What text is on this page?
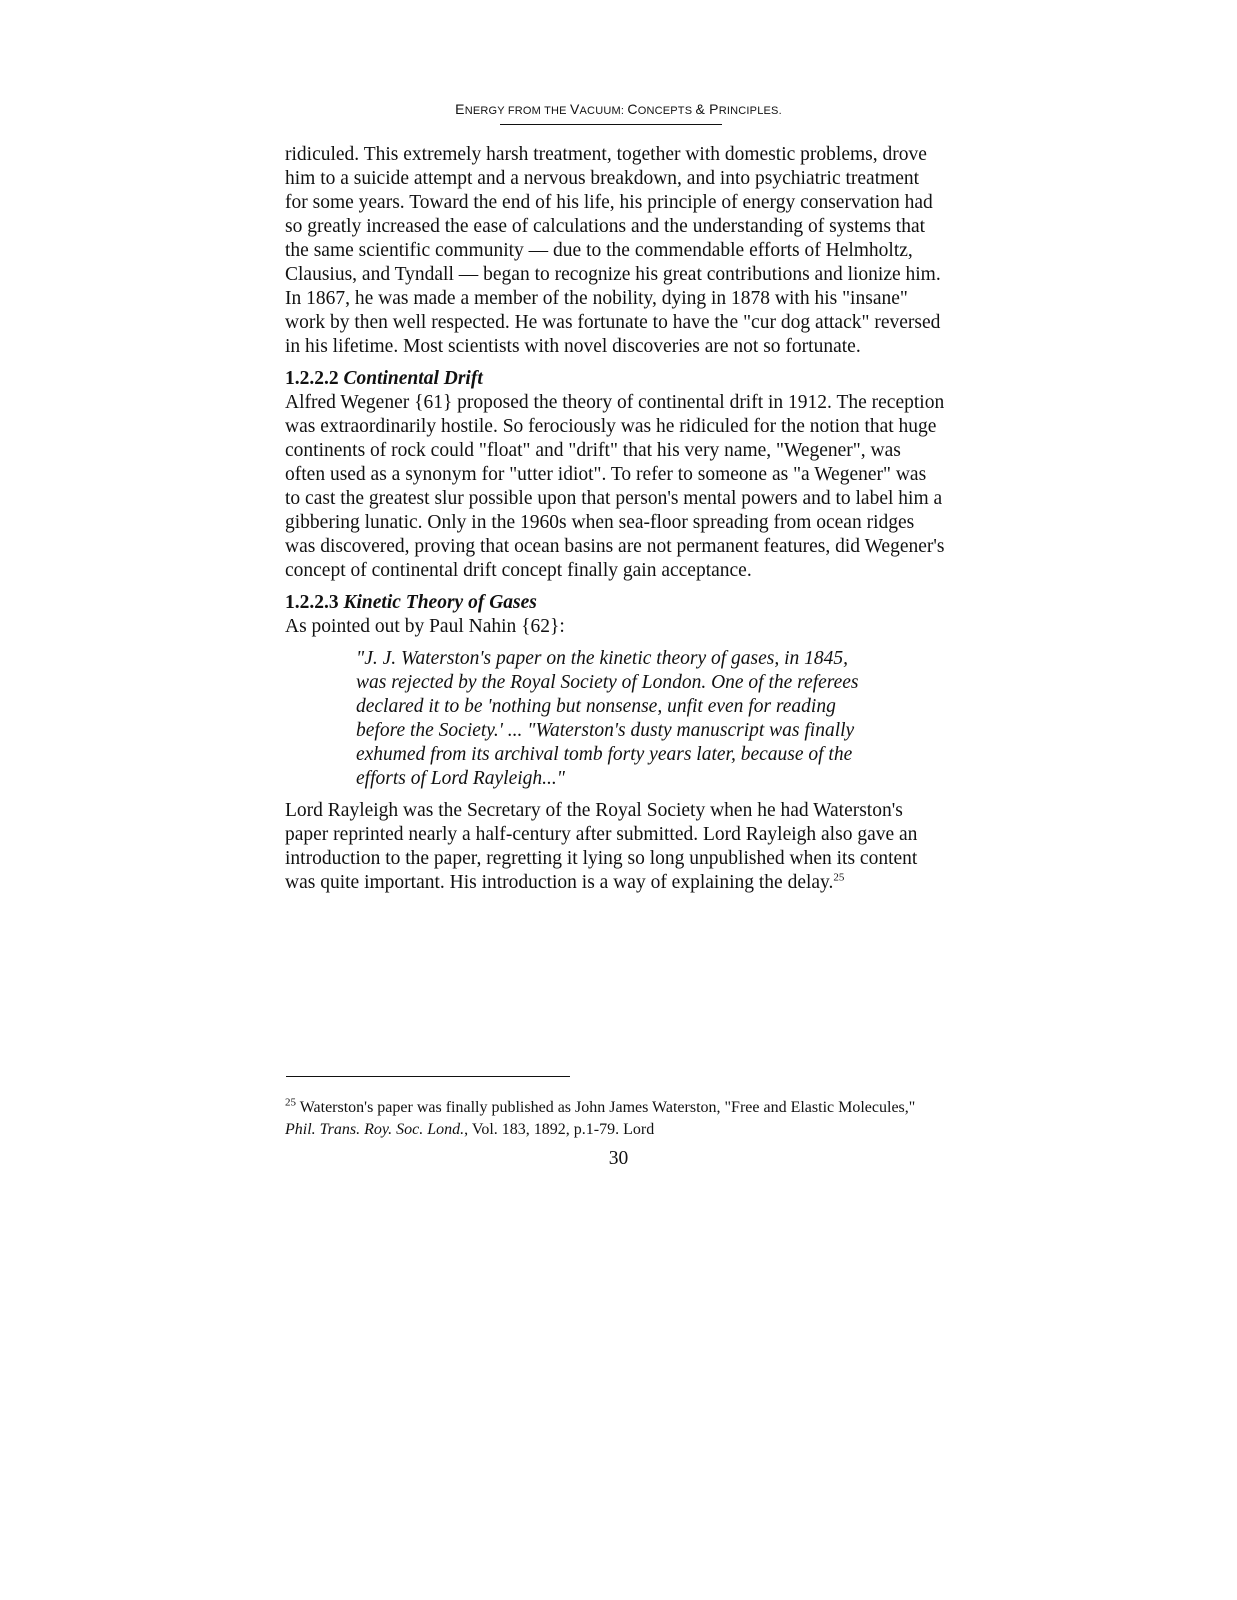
ENERGY FROM THE VACUUM: CONCEPTS & PRINCIPLES.

ridiculed. This extremely harsh treatment, together with domestic problems, drove him to a suicide attempt and a nervous breakdown, and into psychiatric treatment for some years. Toward the end of his life, his principle of energy conservation had so greatly increased the ease of calculations and the understanding of systems that the same scientific community — due to the commendable efforts of Helmholtz, Clausius, and Tyndall — began to recognize his great contributions and lionize him. In 1867, he was made a member of the nobility, dying in 1878 with his "insane" work by then well respected. He was fortunate to have the "cur dog attack" reversed in his lifetime. Most scientists with novel discoveries are not so fortunate.

1.2.2.2 Continental Drift

Alfred Wegener {61} proposed the theory of continental drift in 1912. The reception was extraordinarily hostile. So ferociously was he ridiculed for the notion that huge continents of rock could "float" and "drift" that his very name, "Wegener", was often used as a synonym for "utter idiot". To refer to someone as "a Wegener" was to cast the greatest slur possible upon that person's mental powers and to label him a gibbering lunatic. Only in the 1960s when sea-floor spreading from ocean ridges was discovered, proving that ocean basins are not permanent features, did Wegener's concept of continental drift concept finally gain acceptance.

1.2.2.3 Kinetic Theory of Gases

As pointed out by Paul Nahin {62}:

"J. J. Waterston's paper on the kinetic theory of gases, in 1845, was rejected by the Royal Society of London. One of the referees declared it to be 'nothing but nonsense, unfit even for reading before the Society.' ... "Waterston's dusty manuscript was finally exhumed from its archival tomb forty years later, because of the efforts of Lord Rayleigh..."

Lord Rayleigh was the Secretary of the Royal Society when he had Waterston's paper reprinted nearly a half-century after submitted. Lord Rayleigh also gave an introduction to the paper, regretting it lying so long unpublished when its content was quite important. His introduction is a way of explaining the delay.$^{25}$

$^{25}$ Waterston's paper was finally published as John James Waterston, "Free and Elastic Molecules," Phil. Trans. Roy. Soc. Lond., Vol. 183, 1892, p.1-79. Lord
30
